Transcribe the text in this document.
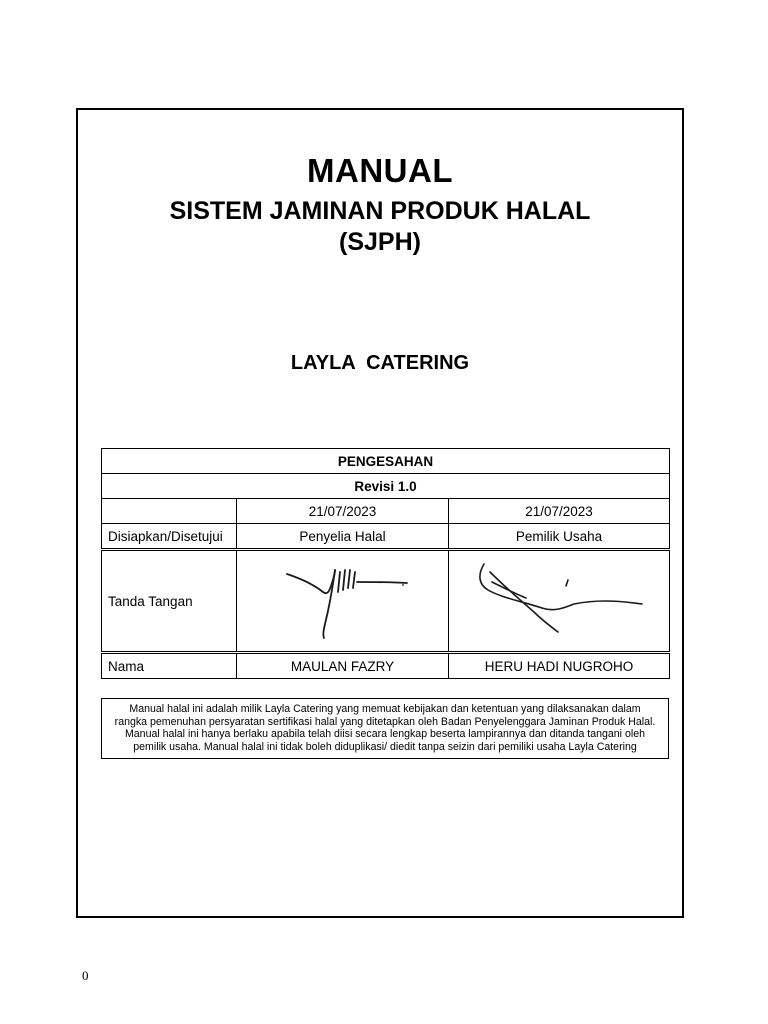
MANUAL
SISTEM JAMINAN PRODUK HALAL
(SJPH)
LAYLA  CATERING
PENGESAHAN		
Revisi 1.0		
	21/07/2023	21/07/2023
Disiapkan/Disetujui	Penyelia Halal	Pemilik Usaha
Tanda Tangan	

Nama	MAULAN FAZRY	HERU HADI NUGROHO
Manual halal ini adalah milik Layla Catering yang memuat kebijakan dan ketentuan yang dilaksanakan dalam rangka pemenuhan persyaratan sertifikasi halal yang ditetapkan oleh Badan Penyelenggara Jaminan Produk Halal. Manual halal ini hanya berlaku apabila telah diisi secara lengkap beserta lampirannya dan ditanda tangani oleh pemilik usaha. Manual halal ini tidak boleh diduplikasi/ diedit tanpa seizin dari pemiliki usaha Layla Catering
0
